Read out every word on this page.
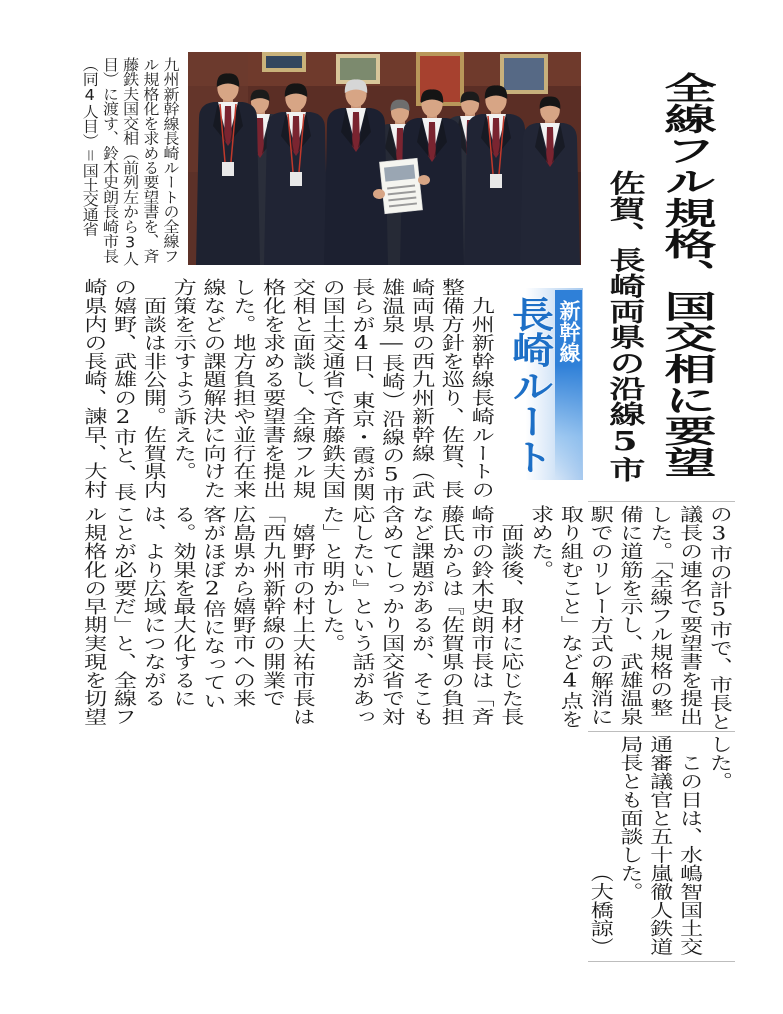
全線フル規格、国交相に要望
佐賀、長崎両県の沿線5市
新幹線
長崎ルート
九州新幹線長崎ルートの全線フ
ル規格化を求める要望書を、斉
藤鉄夫国交相（前列左から3人
目）に渡す、鈴木史朗長崎市長
（同4人目）＝国土交通省
　九州新幹線長崎ルートの
整備方針を巡り、佐賀、長
崎両県の西九州新幹線（武
雄温泉―長崎）沿線の5市
長らが4日、東京・霞が関
の国土交通省で斉藤鉄夫国
交相と面談し、全線フル規
格化を求める要望書を提出
した。地方負担や並行在来
線などの課題解決に向けた
方策を示すよう訴えた。
　面談は非公開。佐賀県内
の嬉野、武雄の2市と、長
崎県内の長崎、諫早、大村
の3市の計5市で、市長と
議長の連名で要望書を提出
した。「全線フル規格の整
備に道筋を示し、武雄温泉
駅でのリレー方式の解消に
取り組むこと」など4点を
求めた。
　面談後、取材に応じた長
崎市の鈴木史朗市長は「斉
藤氏からは『佐賀県の負担
など課題があるが、そこも
含めてしっかり国交省で対
応したい』という話があっ
た」と明かした。
　嬉野市の村上大祐市長は
「西九州新幹線の開業で
広島県から嬉野市への来
客がほぼ2倍になってい
る。効果を最大化するに
は、より広域につながる
ことが必要だ」と、全線フ
ル規格化の早期実現を切望
した。
　この日は、水嶋智国土交
通審議官と五十嵐徹人鉄道
局長とも面談した。
（大橋諒）
